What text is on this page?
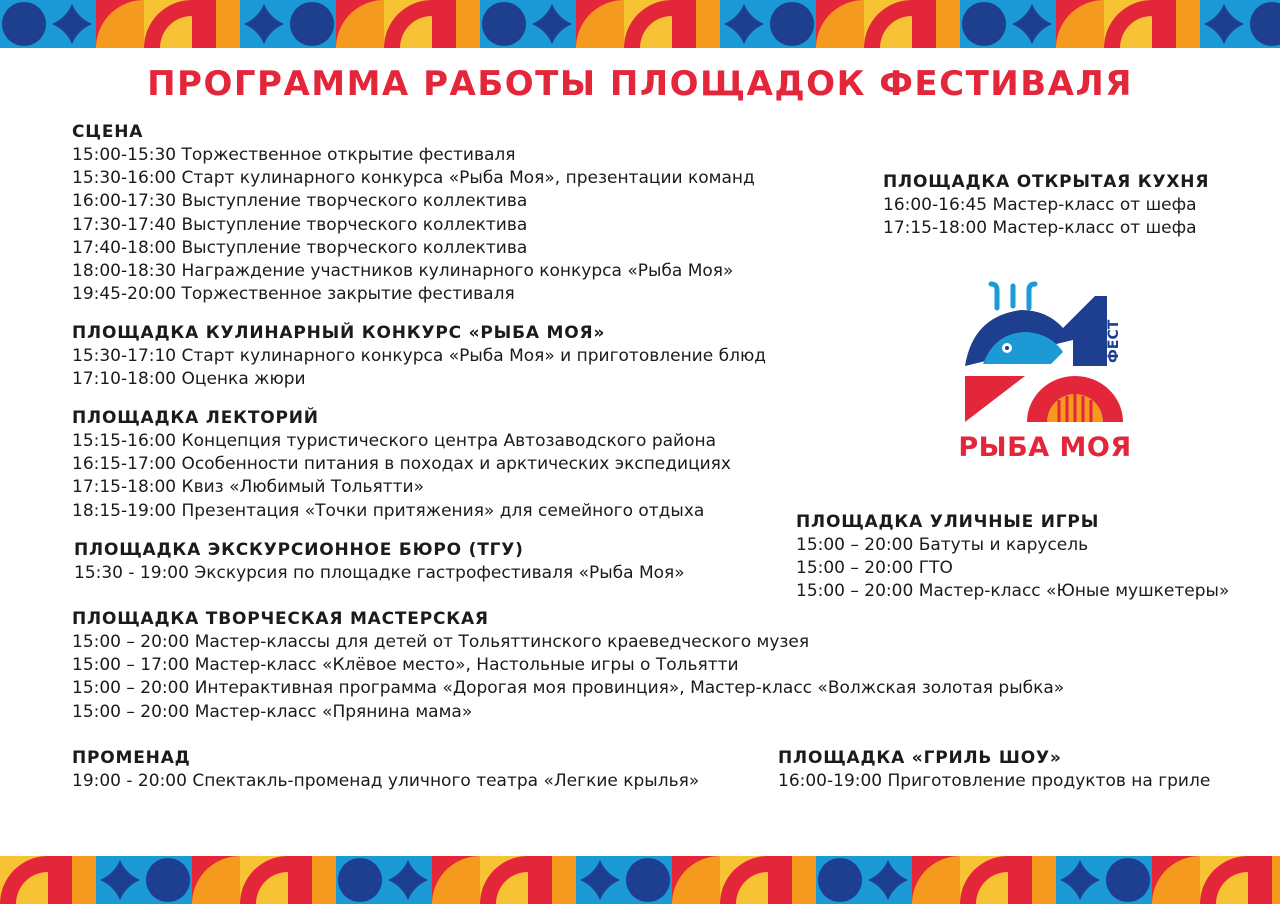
ПРОГРАММА РАБОТЫ ПЛОЩАДОК ФЕСТИВАЛЯ
СЦЕНА
15:00-15:30 Торжественное открытие фестиваля
15:30-16:00 Старт кулинарного конкурса «Рыба Моя», презентации команд
16:00-17:30 Выступление творческого коллектива
17:30-17:40 Выступление творческого коллектива
17:40-18:00 Выступление творческого коллектива
18:00-18:30 Награждение участников кулинарного конкурса «Рыба Моя»
19:45-20:00 Торжественное закрытие фестиваля
ПЛОЩАДКА КУЛИНАРНЫЙ КОНКУРС «РЫБА МОЯ»
15:30-17:10 Старт кулинарного конкурса «Рыба Моя» и приготовление блюд
17:10-18:00 Оценка жюри
ПЛОЩАДКА ЛЕКТОРИЙ
15:15-16:00 Концепция туристического центра Автозаводского района
16:15-17:00 Особенности питания в походах и арктических экспедициях
17:15-18:00 Квиз «Любимый Тольятти»
18:15-19:00 Презентация «Точки притяжения» для семейного отдыха
ПЛОЩАДКА ЭКСКУРСИОННОЕ БЮРО (ТГУ)
15:30 - 19:00 Экскурсия по площадке гастрофестиваля «Рыба Моя»
ПЛОЩАДКА ТВОРЧЕСКАЯ МАСТЕРСКАЯ
15:00 – 20:00 Мастер-классы для детей от Тольяттинского краеведческого музея
15:00 – 17:00 Мастер-класс «Клёвое место», Настольные игры о Тольятти
15:00 – 20:00 Интерактивная программа «Дорогая моя провинция», Мастер-класс «Волжская золотая рыбка»
15:00 – 20:00 Мастер-класс «Прянина мама»
ПРОМЕНАД
19:00 - 20:00 Спектакль-променад уличного театра «Легкие крылья»
ПЛОЩАДКА ОТКРЫТАЯ КУХНЯ
16:00-16:45 Мастер-класс от шефа
17:15-18:00 Мастер-класс от шефа
ФЕСТ
РЫБА МОЯ
ПЛОЩАДКА УЛИЧНЫЕ ИГРЫ
15:00 – 20:00 Батуты и карусель
15:00 – 20:00 ГТО
15:00 – 20:00 Мастер-класс «Юные мушкетеры»
ПЛОЩАДКА «ГРИЛЬ ШОУ»
16:00-19:00 Приготовление продуктов на гриле
